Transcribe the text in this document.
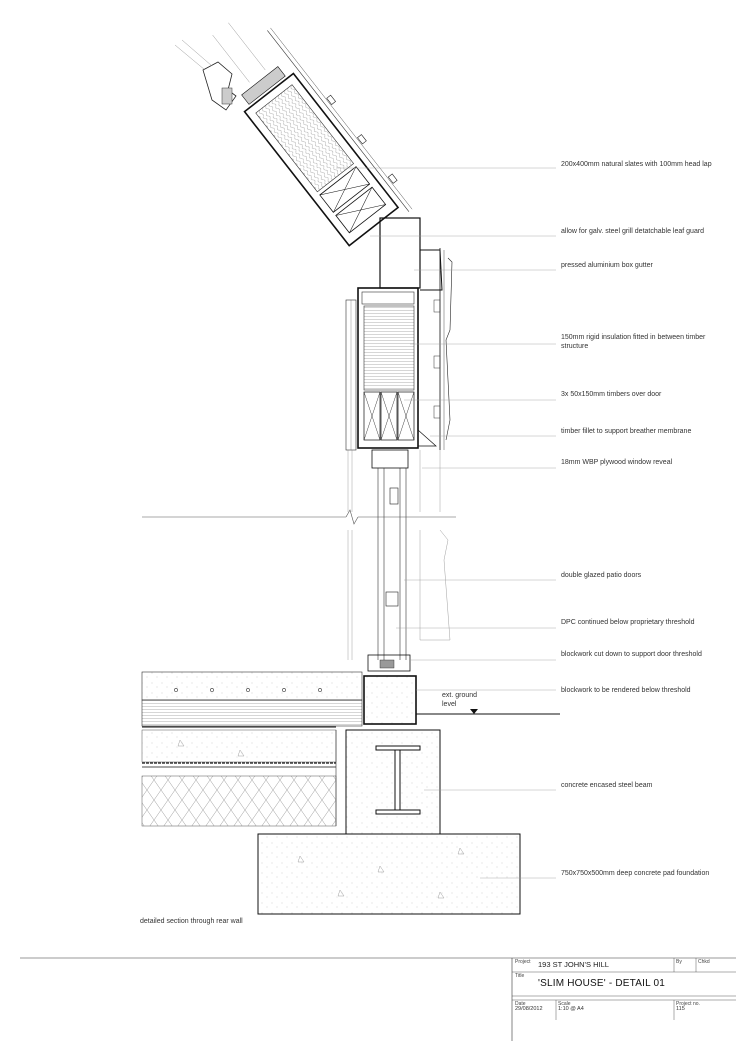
200x400mm natural slates with 100mm head lap
allow for galv. steel grill detatchable leaf guard
pressed aluminium box gutter
150mm rigid insulation fitted in between timber structure
3x 50x150mm timbers over door
timber fillet to support breather membrane
18mm WBP plywood window reveal
double glazed patio doors
DPC continued below proprietary threshold
blockwork cut down to support door threshold
blockwork to be rendered below threshold
concrete encased steel beam
750x750x500mm deep concrete pad foundation
ext. ground level
detailed section through rear wall
Project 193 ST JOHN'S HILL	By	Chkd
Title
'SLIM HOUSE' - DETAIL 01
Date
29/08/2012
Scale
1:10 @ A4
Project no.
115
